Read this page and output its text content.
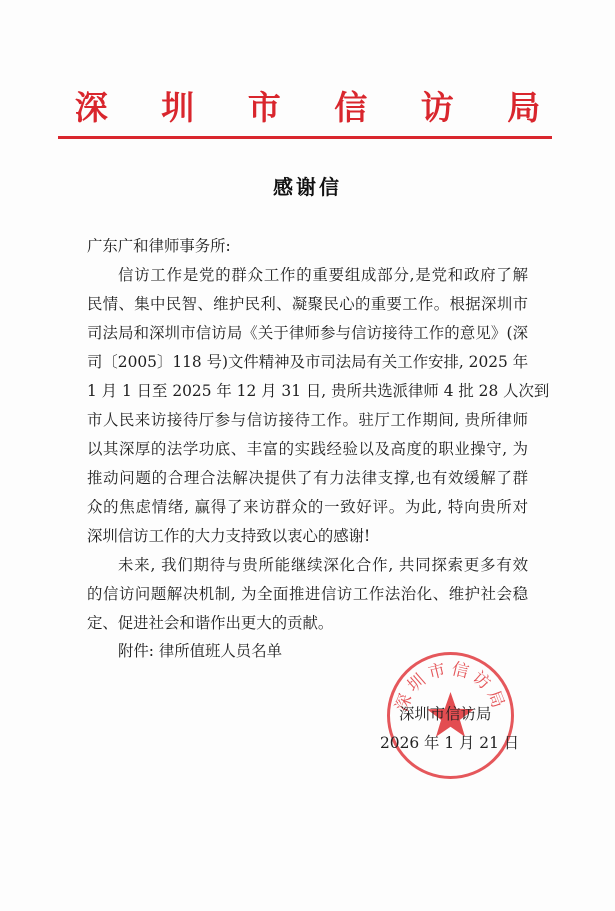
深 圳 市 信 访 局
感谢信
广东广和律师事务所:
信访工作是党的群众工作的重要组成部分,是党和政府了解
民情、集中民智、维护民利、凝聚民心的重要工作。根据深圳市
司法局和深圳市信访局《关于律师参与信访接待工作的意见》(深
司〔2005〕118 号)文件精神及市司法局有关工作安排, 2025 年
1 月 1 日至 2025 年 12 月 31 日, 贵所共选派律师 4 批 28 人次到
市人民来访接待厅参与信访接待工作。驻厅工作期间, 贵所律师
以其深厚的法学功底、丰富的实践经验以及高度的职业操守, 为
推动问题的合理合法解决提供了有力法律支撑,也有效缓解了群
众的焦虑情绪, 赢得了来访群众的一致好评。为此, 特向贵所对
深圳信访工作的大力支持致以衷心的感谢!
未来, 我们期待与贵所能继续深化合作, 共同探索更多有效
的信访问题解决机制, 为全面推进信访工作法治化、维护社会稳
定、促进社会和谐作出更大的贡献。
附件: 律所值班人员名单
深圳市信访局
深圳市信访局
2026 年 1 月 21 日
